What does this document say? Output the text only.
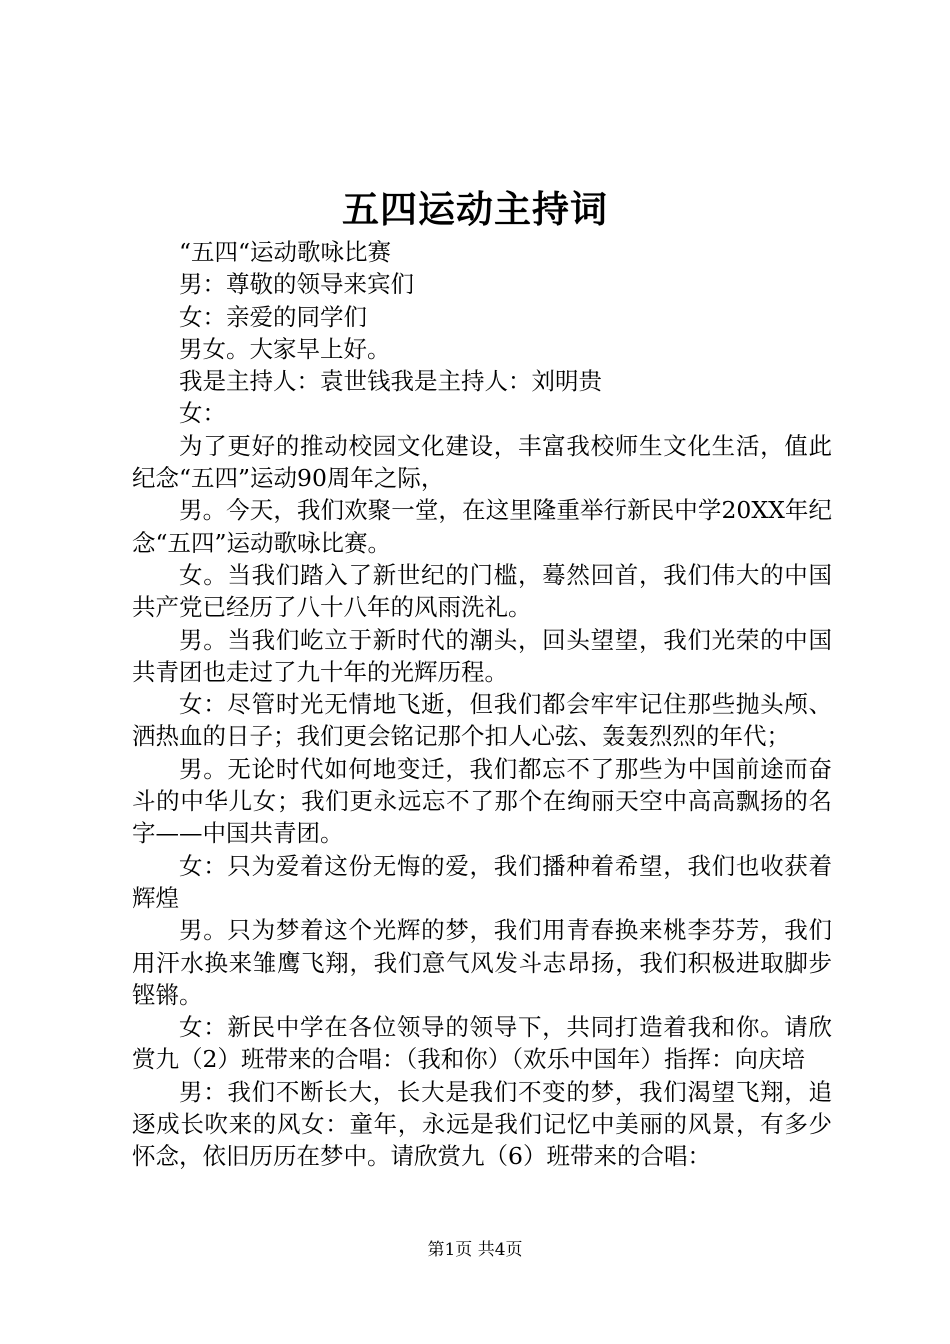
五四运动主持词

“五四“运动歌咏比赛

男：尊敬的领导来宾们

女：亲爱的同学们

男女。大家早上好。

我是主持人：袁世钱我是主持人：刘明贵

女：

为了更好的推动校园文化建设，丰富我校师生文化生活，值此纪念“五四”运动90周年之际，

男。今天，我们欢聚一堂，在这里隆重举行新民中学20XX年纪念“五四”运动歌咏比赛。

女。当我们踏入了新世纪的门槛，蓦然回首，我们伟大的中国共产党已经历了八十八年的风雨洗礼。

男。当我们屹立于新时代的潮头，回头望望，我们光荣的中国共青团也走过了九十年的光辉历程。

女：尽管时光无情地飞逝，但我们都会牢牢记住那些抛头颅、洒热血的日子；我们更会铭记那个扣人心弦、轰轰烈烈的年代；

男。无论时代如何地变迁，我们都忘不了那些为中国前途而奋斗的中华儿女；我们更永远忘不了那个在绚丽天空中高高飘扬的名字——中国共青团。

女：只为爱着这份无悔的爱，我们播种着希望，我们也收获着辉煌

男。只为梦着这个光辉的梦，我们用青春换来桃李芬芳，我们用汗水换来雏鹰飞翔，我们意气风发斗志昂扬，我们积极进取脚步铿锵。

女：新民中学在各位领导的领导下，共同打造着我和你。请欣赏九（2）班带来的合唱：（我和你）（欢乐中国年）指挥：向庆培

男：我们不断长大，长大是我们不变的梦，我们渴望飞翔，追逐成长吹来的风女：童年，永远是我们记忆中美丽的风景，有多少怀念，依旧历历在梦中。请欣赏九（6）班带来的合唱：

第1页 共4页
